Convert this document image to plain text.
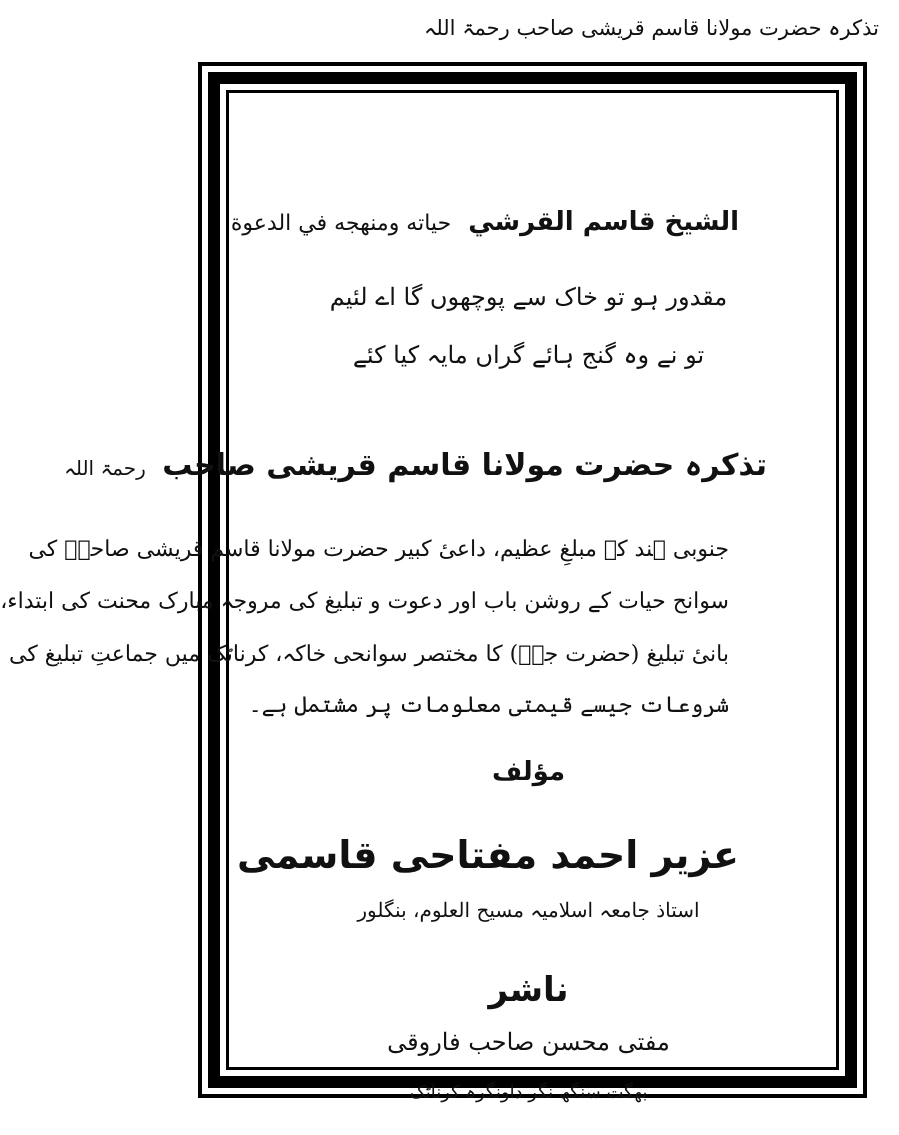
تذکرہ حضرت مولانا قاسم قریشی صاحب رحمۃ اللہ
الشيخ قاسم القرشي حياته ومنهجه في الدعوة
مقدور ہو تو خاک سے پوچھوں گا اے لئیم
تو نے وہ گنج ہائے گراں مایہ کیا کئے
تذکرہ حضرت مولانا قاسم قریشی صاحب رحمۃ اللہ
جنوبی ہند کے مبلغِ عظیم، داعیٔ کبیر حضرت مولانا قاسم قریشی صاحبؒ کی
سوانح حیات کے روشن باب اور دعوت و تبلیغ کی مروجہ مبارک محنت کی ابتداء،
بانیٔ تبلیغ (حضرت جیؒ) کا مختصر سوانحی خاکہ، کرناٹک میں جماعتِ تبلیغ کی
شروعات جیسے قیمتی معلومات پر مشتمل ہے۔
مؤلف
عزیر احمد مفتاحی قاسمی
استاذ جامعہ اسلامیہ مسیح العلوم، بنگلور
ناشر
مفتی محسن صاحب فاروقی
بھگت سنگھ نگر داونگرہ کرناٹک
